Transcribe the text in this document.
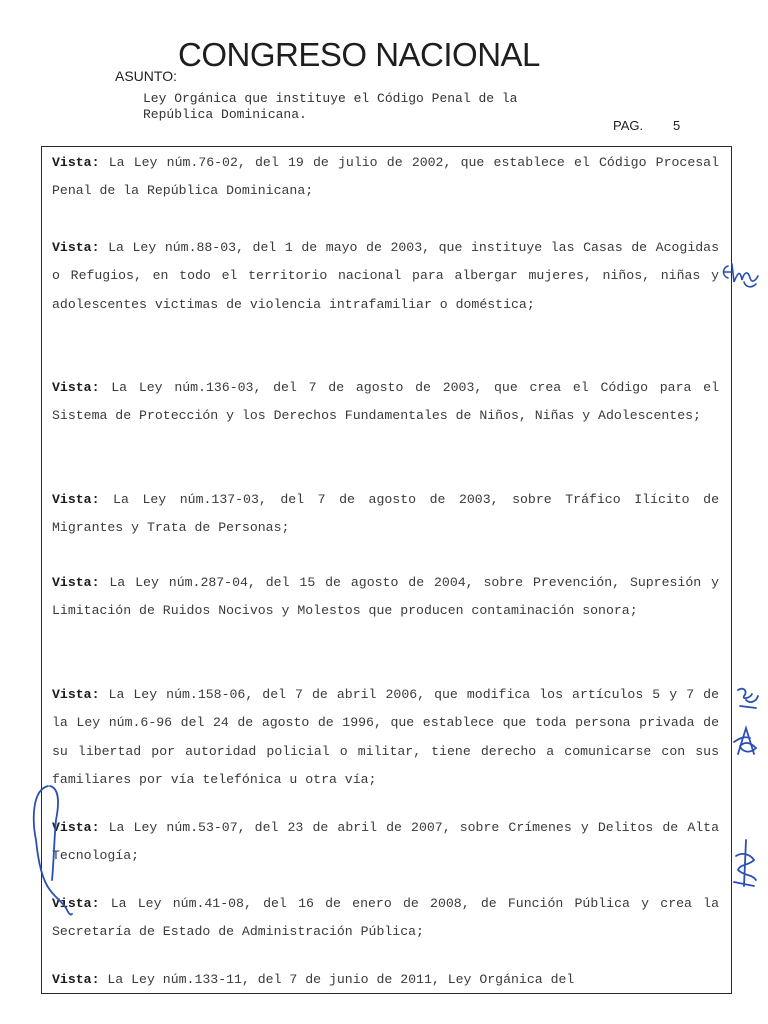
CONGRESO NACIONAL
ASUNTO:
Ley Orgánica que instituye el Código Penal de la
República Dominicana.
PAG. 5
Vista: La Ley núm.76-02, del 19 de julio de 2002, que establece el Código Procesal Penal de la República Dominicana;
Vista: La Ley núm.88-03, del 1 de mayo de 2003, que instituye las Casas de Acogidas o Refugios, en todo el territorio nacional para albergar mujeres, niños, niñas y adolescentes victimas de violencia intrafamiliar o doméstica;
Vista: La Ley núm.136-03, del 7 de agosto de 2003, que crea el Código para el Sistema de Protección y los Derechos Fundamentales de Niños, Niñas y Adolescentes;
Vista: La Ley núm.137-03, del 7 de agosto de 2003, sobre Tráfico Ilícito de Migrantes y Trata de Personas;
Vista: La Ley núm.287-04, del 15 de agosto de 2004, sobre Prevención, Supresión y Limitación de Ruidos Nocivos y Molestos que producen contaminación sonora;
Vista: La Ley núm.158-06, del 7 de abril 2006, que modifica los artículos 5 y 7 de la Ley núm.6-96 del 24 de agosto de 1996, que establece que toda persona privada de su libertad por autoridad policial o militar, tiene derecho a comunicarse con sus familiares por vía telefónica u otra vía;
Vista: La Ley núm.53-07, del 23 de abril de 2007, sobre Crímenes y Delitos de Alta Tecnología;
Vista: La Ley núm.41-08, del 16 de enero de 2008, de Función Pública y crea la Secretaría de Estado de Administración Pública;
Vista: La Ley núm.133-11, del 7 de junio de 2011, Ley Orgánica del
